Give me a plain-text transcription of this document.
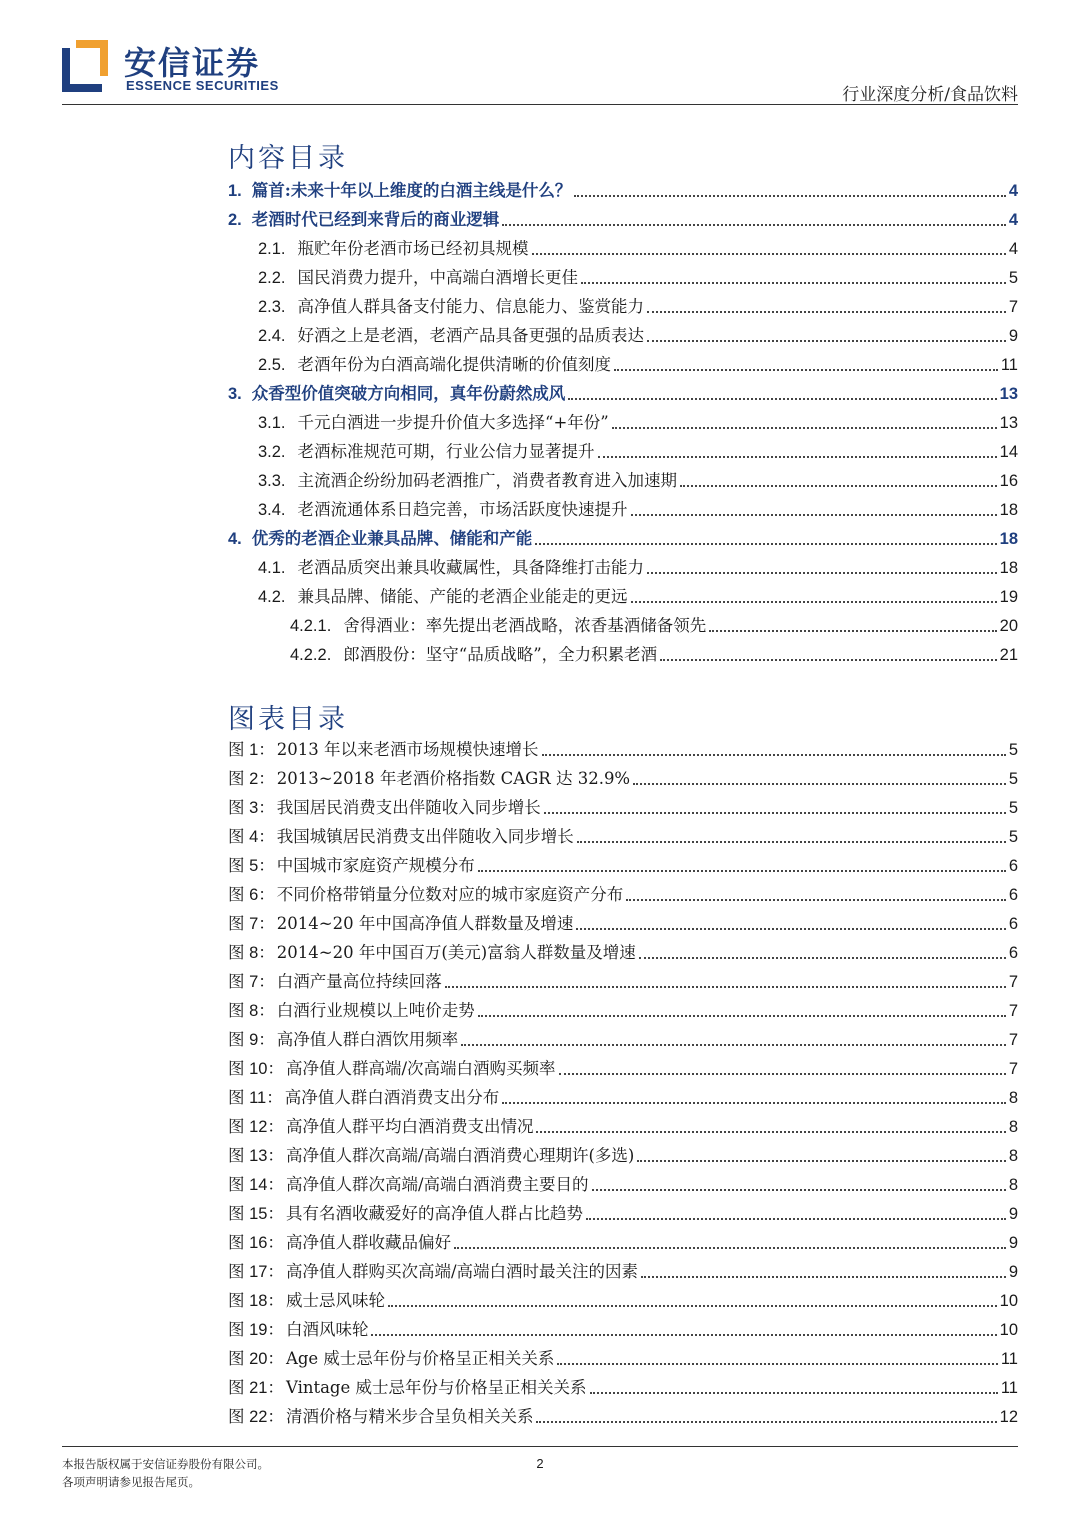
安信证券
ESSENCE SECURITIES	行业深度分析/食品饮料
内容目录
1. 篇首:未来十年以上维度的白酒主线是什么？	4
2. 老酒时代已经到来背后的商业逻辑	4
2.1. 瓶贮年份老酒市场已经初具规模	4
2.2. 国民消费力提升，中高端白酒增长更佳	5
2.3. 高净值人群具备支付能力、信息能力、鉴赏能力	7
2.4. 好酒之上是老酒，老酒产品具备更强的品质表达	9
2.5. 老酒年份为白酒高端化提供清晰的价值刻度	11
3. 众香型价值突破方向相同，真年份蔚然成风	13
3.1. 千元白酒进一步提升价值大多选择“+年份”	13
3.2. 老酒标准规范可期，行业公信力显著提升	14
3.3. 主流酒企纷纷加码老酒推广，消费者教育进入加速期	16
3.4. 老酒流通体系日趋完善，市场活跃度快速提升	18
4. 优秀的老酒企业兼具品牌、储能和产能	18
4.1. 老酒品质突出兼具收藏属性，具备降维打击能力	18
4.2. 兼具品牌、储能、产能的老酒企业能走的更远	19
4.2.1. 舍得酒业：率先提出老酒战略，浓香基酒储备领先	20
4.2.2. 郎酒股份：坚守“品质战略”，全力积累老酒	21
图表目录
图 1： 2013 年以来老酒市场规模快速增长	5
图 2： 2013~2018 年老酒价格指数 CAGR 达 32.9%	5
图 3： 我国居民消费支出伴随收入同步增长	5
图 4： 我国城镇居民消费支出伴随收入同步增长	5
图 5： 中国城市家庭资产规模分布	6
图 6： 不同价格带销量分位数对应的城市家庭资产分布	6
图 7： 2014~20 年中国高净值人群数量及增速	6
图 8： 2014~20 年中国百万(美元)富翁人群数量及增速	6
图 7： 白酒产量高位持续回落	7
图 8： 白酒行业规模以上吨价走势	7
图 9： 高净值人群白酒饮用频率	7
图 10： 高净值人群高端/次高端白酒购买频率	7
图 11： 高净值人群白酒消费支出分布	8
图 12： 高净值人群平均白酒消费支出情况	8
图 13： 高净值人群次高端/高端白酒消费心理期许(多选)	8
图 14： 高净值人群次高端/高端白酒消费主要目的	8
图 15： 具有名酒收藏爱好的高净值人群占比趋势	9
图 16： 高净值人群收藏品偏好	9
图 17： 高净值人群购买次高端/高端白酒时最关注的因素	9
图 18： 威士忌风味轮	10
图 19： 白酒风味轮	10
图 20： Age 威士忌年份与价格呈正相关关系	11
图 21： Vintage 威士忌年份与价格呈正相关关系	11
图 22： 清酒价格与精米步合呈负相关关系	12
本报告版权属于安信证券股份有限公司。
各项声明请参见报告尾页。
2
